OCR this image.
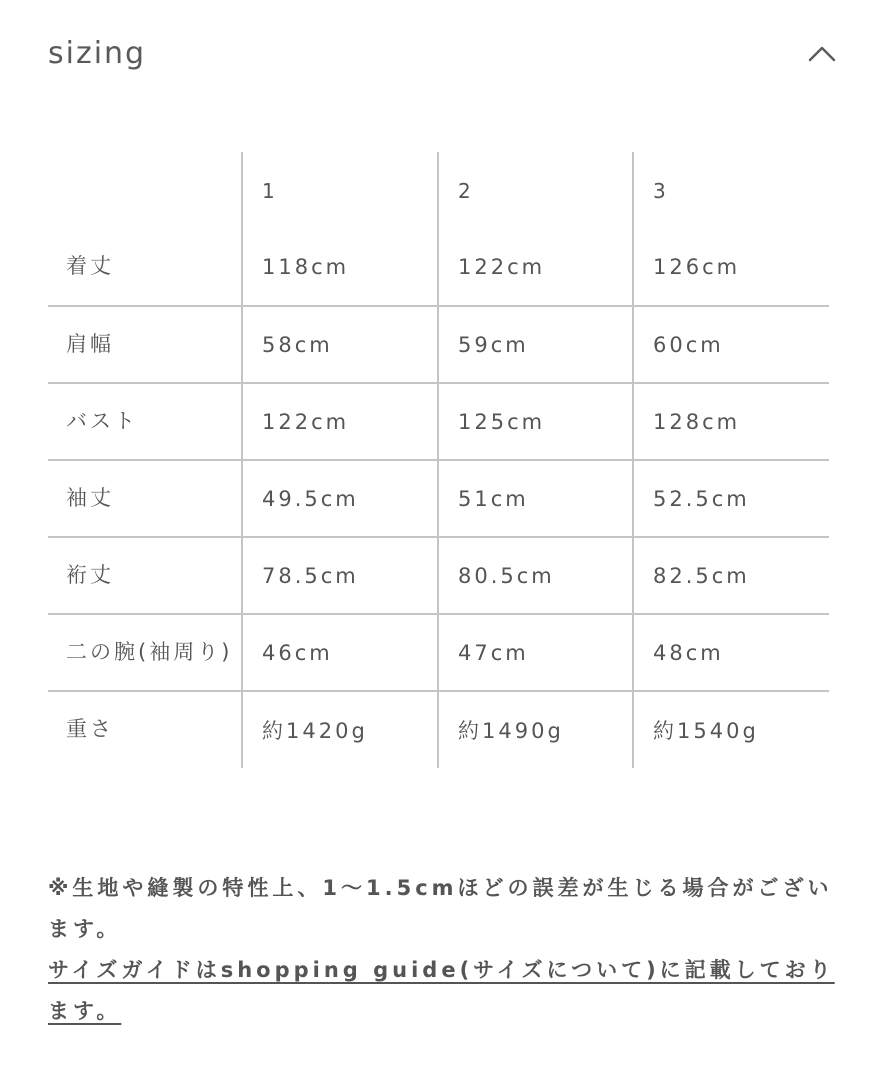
sizing
	1	2	3
着丈	118cm	122cm	126cm
肩幅	58cm	59cm	60cm
バスト	122cm	125cm	128cm
袖丈	49.5cm	51cm	52.5cm
裄丈	78.5cm	80.5cm	82.5cm
二の腕(袖周り)	46cm	47cm	48cm
重さ	約1420g	約1490g	約1540g

※生地や縫製の特性上、1〜1.5cmほどの誤差が生じる場合がございます。

サイズガイドはshopping guide(サイズについて)に記載しております。
